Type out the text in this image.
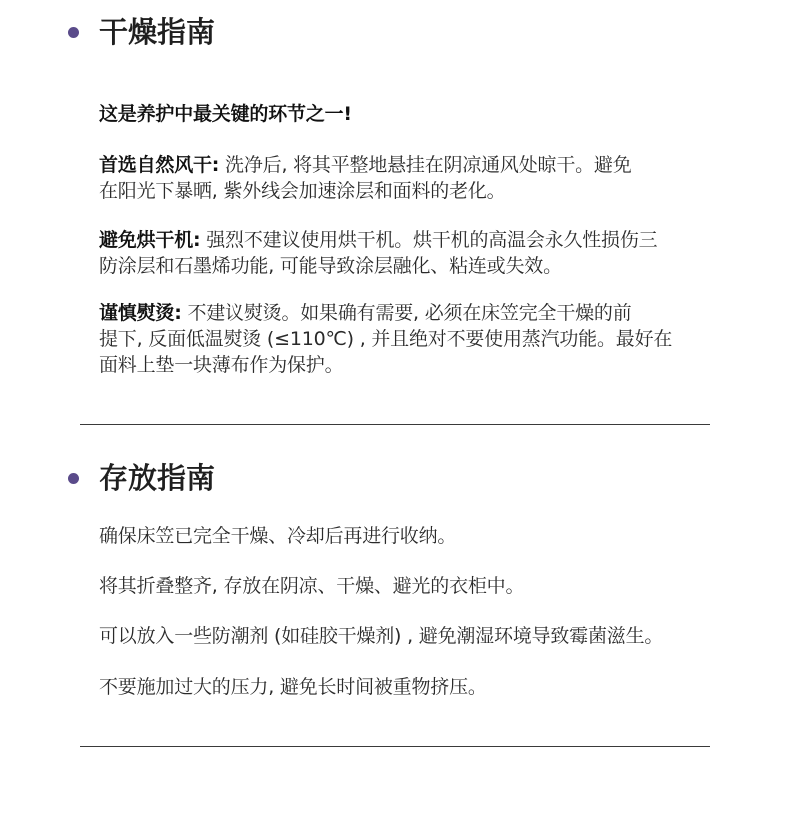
干燥指南

这是养护中最关键的环节之一!

首选自然风干: 洗净后, 将其平整地悬挂在阴凉通风处晾干。避免
在阳光下暴晒, 紫外线会加速涂层和面料的老化。

避免烘干机: 强烈不建议使用烘干机。烘干机的高温会永久性损伤三
防涂层和石墨烯功能, 可能导致涂层融化、粘连或失效。

谨慎熨烫: 不建议熨烫。如果确有需要, 必须在床笠完全干燥的前
提下, 反面低温熨烫 (≤110℃) , 并且绝对不要使用蒸汽功能。最好在
面料上垫一块薄布作为保护。

存放指南

确保床笠已完全干燥、冷却后再进行收纳。

将其折叠整齐, 存放在阴凉、干燥、避光的衣柜中。

可以放入一些防潮剂 (如硅胶干燥剂) , 避免潮湿环境导致霉菌滋生。

不要施加过大的压力, 避免长时间被重物挤压。
